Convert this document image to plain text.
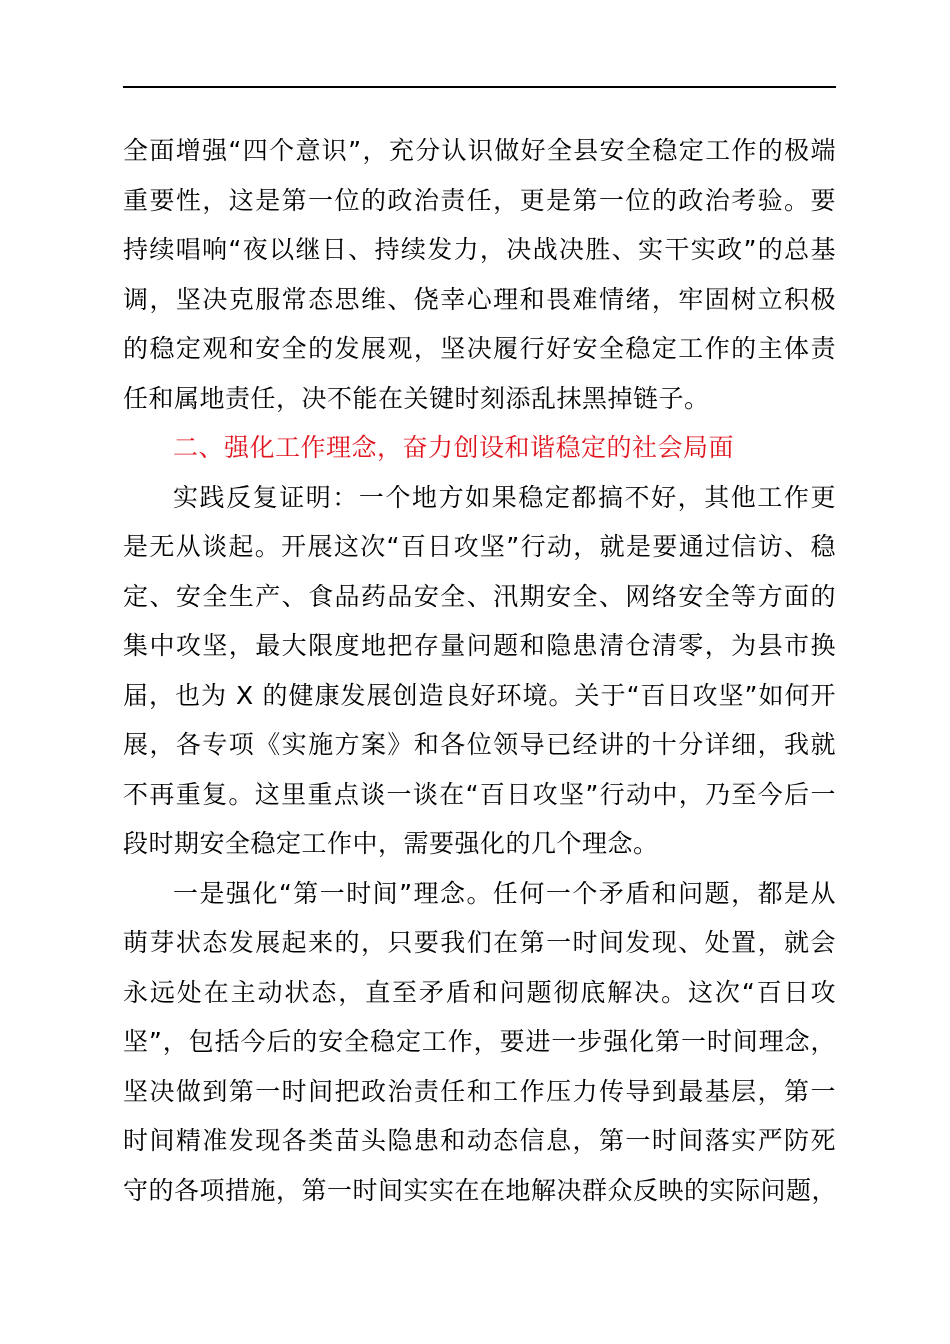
全面增强“四个意识”，充分认识做好全县安全稳定工作的极端
重要性，这是第一位的政治责任，更是第一位的政治考验。要
持续唱响“夜以继日、持续发力，决战决胜、实干实政”的总基
调，坚决克服常态思维、侥幸心理和畏难情绪，牢固树立积极
的稳定观和安全的发展观，坚决履行好安全稳定工作的主体责
任和属地责任，决不能在关键时刻添乱抹黑掉链子。
二、强化工作理念，奋力创设和谐稳定的社会局面
实践反复证明：一个地方如果稳定都搞不好，其他工作更
是无从谈起。开展这次“百日攻坚”行动，就是要通过信访、稳
定、安全生产、食品药品安全、汛期安全、网络安全等方面的
集中攻坚，最大限度地把存量问题和隐患清仓清零，为县市换
届，也为 X 的健康发展创造良好环境。关于“百日攻坚”如何开
展，各专项《实施方案》和各位领导已经讲的十分详细，我就
不再重复。这里重点谈一谈在“百日攻坚”行动中，乃至今后一
段时期安全稳定工作中，需要强化的几个理念。
一是强化“第一时间”理念。任何一个矛盾和问题，都是从
萌芽状态发展起来的，只要我们在第一时间发现、处置，就会
永远处在主动状态，直至矛盾和问题彻底解决。这次“百日攻
坚”，包括今后的安全稳定工作，要进一步强化第一时间理念，
坚决做到第一时间把政治责任和工作压力传导到最基层，第一
时间精准发现各类苗头隐患和动态信息，第一时间落实严防死
守的各项措施，第一时间实实在在地解决群众反映的实际问题，
